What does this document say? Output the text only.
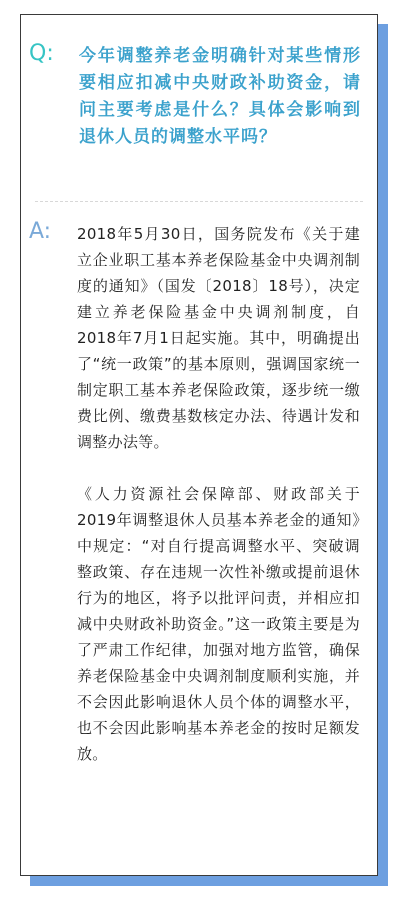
Q: 今年调整养老金明确针对某些情形要相应扣减中央财政补助资金，请问主要考虑是什么？具体会影响到退休人员的调整水平吗？
A: 2018年5月30日，国务院发布《关于建立企业职工基本养老保险基金中央调剂制度的通知》（国发〔2018〕18号），决定建立养老保险基金中央调剂制度，自2018年7月1日起实施。其中，明确提出了“统一政策”的基本原则，强调国家统一制定职工基本养老保险政策，逐步统一缴费比例、缴费基数核定办法、待遇计发和调整办法等。

《人力资源社会保障部、财政部关于2019年调整退休人员基本养老金的通知》中规定：“对自行提高调整水平、突破调整政策、存在违规一次性补缴或提前退休行为的地区，将予以批评问责，并相应扣减中央财政补助资金。”这一政策主要是为了严肃工作纪律，加强对地方监管，确保养老保险基金中央调剂制度顺利实施，并不会因此影响退休人员个体的调整水平，也不会因此影响基本养老金的按时足额发放。
